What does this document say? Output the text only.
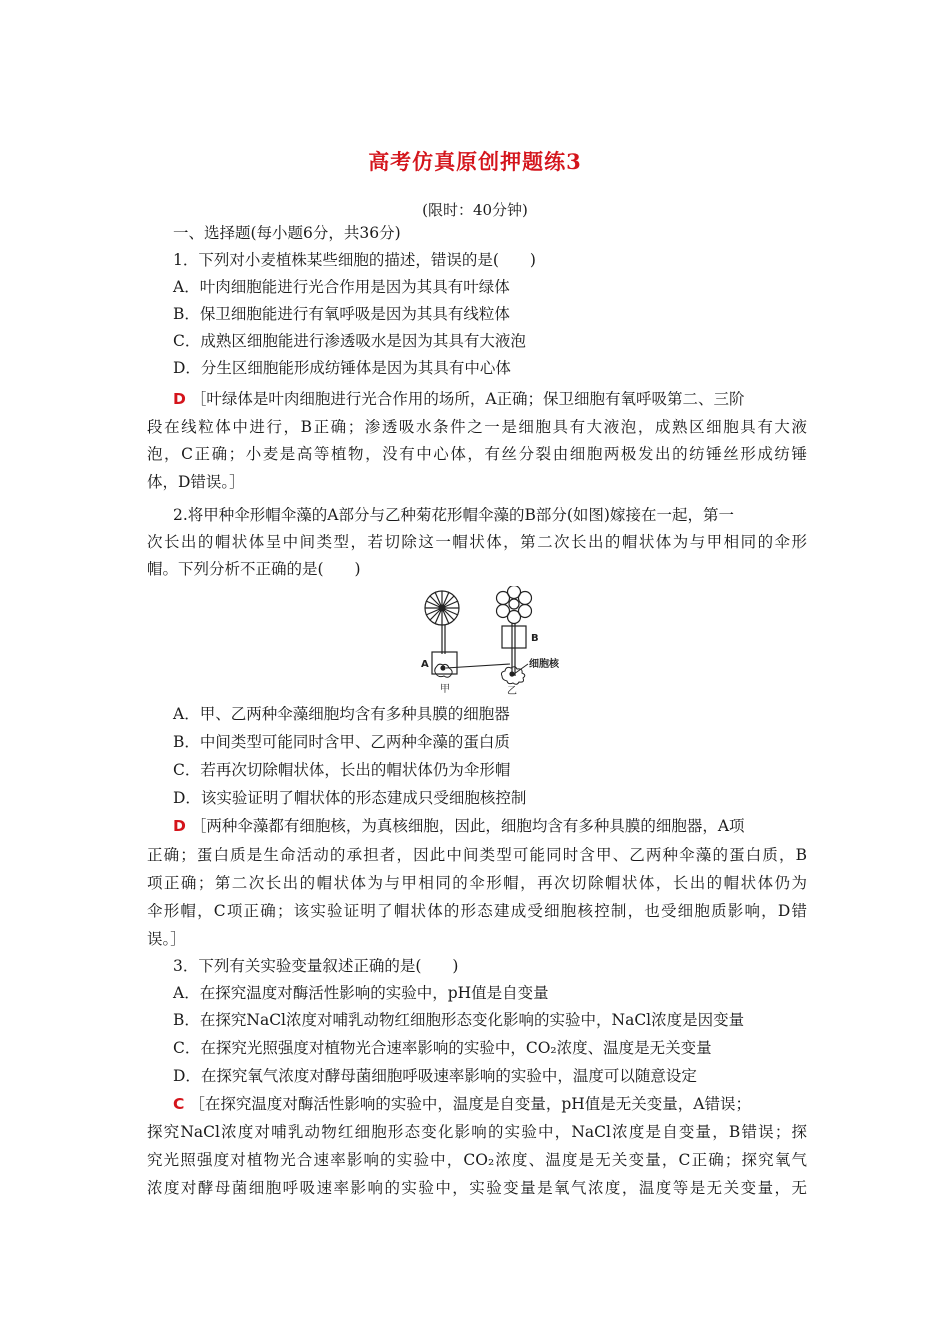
高考仿真原创押题练3
(限时：40分钟)
一、选择题(每小题6分，共36分)
1．下列对小麦植株某些细胞的描述，错误的是(　　)
A．叶肉细胞能进行光合作用是因为其具有叶绿体
B．保卫细胞能进行有氧呼吸是因为其具有线粒体
C．成熟区细胞能进行渗透吸水是因为其具有大液泡
D．分生区细胞能形成纺锤体是因为其具有中心体
D ［叶绿体是叶肉细胞进行光合作用的场所，A正确；保卫细胞有氧呼吸第二、三阶
段在线粒体中进行，B正确；渗透吸水条件之一是细胞具有大液泡，成熟区细胞具有大液
泡，C正确；小麦是高等植物，没有中心体，有丝分裂由细胞两极发出的纺锤丝形成纺锤
体，D错误。］
2.将甲种伞形帽伞藻的A部分与乙种菊花形帽伞藻的B部分(如图)嫁接在一起，第一
次长出的帽状体呈中间类型，若切除这一帽状体，第二次长出的帽状体为与甲相同的伞形
帽。下列分析不正确的是(　　)
A
甲
B
乙
细胞核
A．甲、乙两种伞藻细胞均含有多种具膜的细胞器
B．中间类型可能同时含甲、乙两种伞藻的蛋白质
C．若再次切除帽状体，长出的帽状体仍为伞形帽
D．该实验证明了帽状体的形态建成只受细胞核控制
D ［两种伞藻都有细胞核，为真核细胞，因此，细胞均含有多种具膜的细胞器，A项
正确；蛋白质是生命活动的承担者，因此中间类型可能同时含甲、乙两种伞藻的蛋白质，B
项正确；第二次长出的帽状体为与甲相同的伞形帽，再次切除帽状体，长出的帽状体仍为
伞形帽，C项正确；该实验证明了帽状体的形态建成受细胞核控制，也受细胞质影响，D错
误。］
3．下列有关实验变量叙述正确的是(　　)
A．在探究温度对酶活性影响的实验中，pH值是自变量
B．在探究NaCl浓度对哺乳动物红细胞形态变化影响的实验中，NaCl浓度是因变量
C．在探究光照强度对植物光合速率影响的实验中，CO₂浓度、温度是无关变量
D．在探究氧气浓度对酵母菌细胞呼吸速率影响的实验中，温度可以随意设定
C ［在探究温度对酶活性影响的实验中，温度是自变量，pH值是无关变量，A错误；
探究NaCl浓度对哺乳动物红细胞形态变化影响的实验中，NaCl浓度是自变量，B错误；探
究光照强度对植物光合速率影响的实验中，CO₂浓度、温度是无关变量，C正确；探究氧气
浓度对酵母菌细胞呼吸速率影响的实验中，实验变量是氧气浓度，温度等是无关变量，无
